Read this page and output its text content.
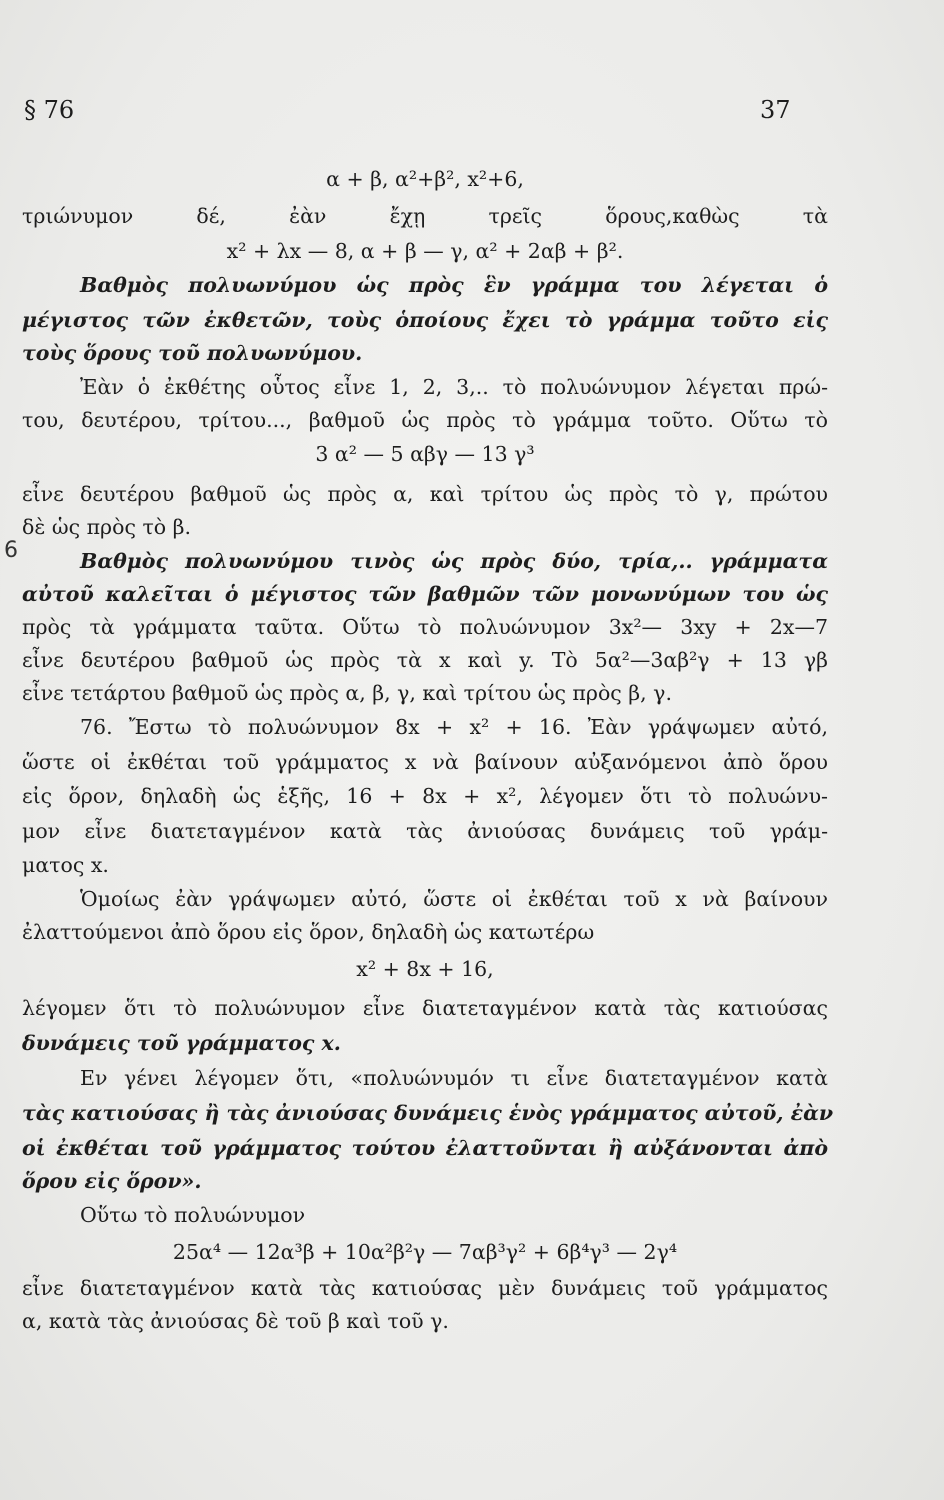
§ 76	37
6
α + β, α²+β², x²+6,
τριώνυμον δέ, ἐὰν ἔχῃ τρεῖς ὅρους,καθὼς τὰ
x² + λx — 8, α + β — γ, α² + 2αβ + β².
Βαθμὸς πολυωνύμου ὡς πρὸς ἓν γράμμα του λέγεται ὁ
μέγιστος τῶν ἐκθετῶν, τοὺς ὁποίους ἔχει τὸ γράμμα τοῦτο εἰς
τοὺς ὅρους τοῦ πολυωνύμου.
Ἐὰν ὁ ἐκθέτης οὗτος εἶνε 1, 2, 3,.. τὸ πολυώνυμον λέγεται πρώ-
του, δευτέρου, τρίτου..., βαθμοῦ ὡς πρὸς τὸ γράμμα τοῦτο. Οὕτω τὸ
3 α² — 5 αβγ — 13 γ³
εἶνε δευτέρου βαθμοῦ ὡς πρὸς α, καὶ τρίτου ὡς πρὸς τὸ γ, πρώτου
δὲ ὡς πρὸς τὸ β.
Βαθμὸς πολυωνύμου τινὸς ὡς πρὸς δύο, τρία,.. γράμματα
αὐτοῦ καλεῖται ὁ μέγιστος τῶν βαθμῶν τῶν μονωνύμων του ὡς
πρὸς τὰ γράμματα ταῦτα. Οὕτω τὸ πολυώνυμον 3x²— 3xy + 2x—7
εἶνε δευτέρου βαθμοῦ ὡς πρὸς τὰ x καὶ y. Τὸ 5α²—3αβ²γ + 13 γβ
εἶνε τετάρτου βαθμοῦ ὡς πρὸς α, β, γ, καὶ τρίτου ὡς πρὸς β, γ.
76. Ἔστω τὸ πολυώνυμον 8x + x² + 16. Ἐὰν γράψωμεν αὐτό,
ὥστε οἱ ἐκθέται τοῦ γράμματος x νὰ βαίνουν αὐξανόμενοι ἀπὸ ὅρου
εἰς ὅρον, δηλαδὴ ὡς ἑξῆς, 16 + 8x + x², λέγομεν ὅτι τὸ πολυώνυ-
μον εἶνε διατεταγμένον κατὰ τὰς ἀνιούσας δυνάμεις τοῦ γράμ-
ματος x.
Ὁμοίως ἐὰν γράψωμεν αὐτό, ὥστε οἱ ἐκθέται τοῦ x νὰ βαίνουν
ἐλαττούμενοι ἀπὸ ὅρου εἰς ὅρον, δηλαδὴ ὡς κατωτέρω
x² + 8x + 16,
λέγομεν ὅτι τὸ πολυώνυμον εἶνε διατεταγμένον κατὰ τὰς κατιούσας
δυνάμεις τοῦ γράμματος x.
Εν γένει λέγομεν ὅτι, «πολυώνυμόν τι εἶνε διατεταγμένον κατὰ
τὰς κατιούσας ἢ τὰς ἀνιούσας δυνάμεις ἑνὸς γράμματος αὐτοῦ, ἐὰν
οἱ ἐκθέται τοῦ γράμματος τούτου ἐλαττοῦνται ἢ αὐξάνονται ἀπὸ
ὅρου εἰς ὅρον».
Οὕτω τὸ πολυώνυμον
25α⁴ — 12α³β + 10α²β²γ — 7αβ³γ² + 6β⁴γ³ — 2γ⁴
εἶνε διατεταγμένον κατὰ τὰς κατιούσας μὲν δυνάμεις τοῦ γράμματος
α, κατὰ τὰς ἀνιούσας δὲ τοῦ β καὶ τοῦ γ.
